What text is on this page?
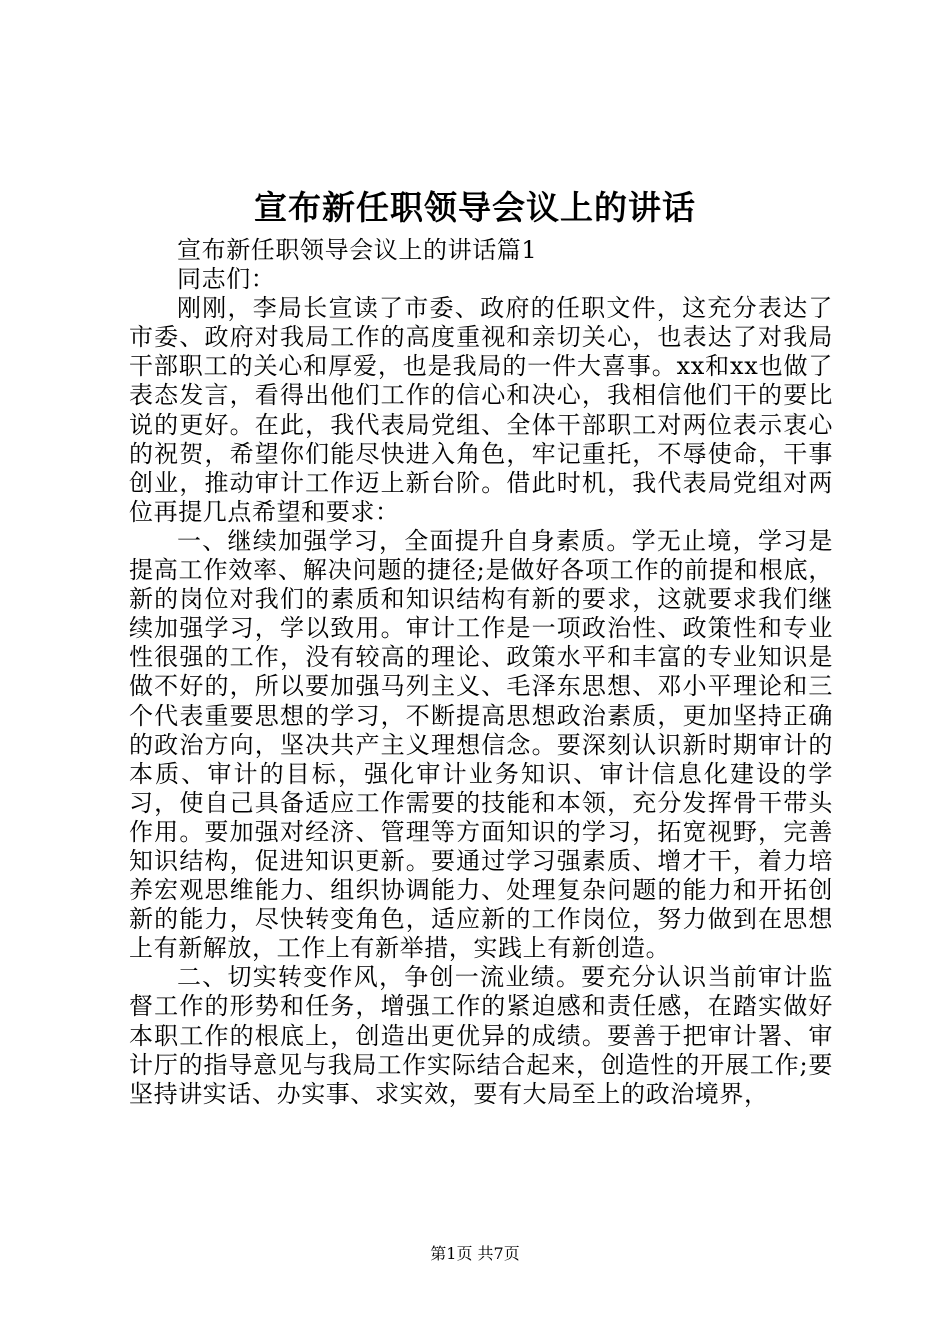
宣布新任职领导会议上的讲话

宣布新任职领导会议上的讲话篇1

同志们：

刚刚，李局长宣读了市委、政府的任职文件，这充分表达了市委、政府对我局工作的高度重视和亲切关心，也表达了对我局干部职工的关心和厚爱，也是我局的一件大喜事。xx和xx也做了表态发言，看得出他们工作的信心和决心，我相信他们干的要比说的更好。在此，我代表局党组、全体干部职工对两位表示衷心的祝贺，希望你们能尽快进入角色，牢记重托，不辱使命，干事创业，推动审计工作迈上新台阶。借此时机，我代表局党组对两位再提几点希望和要求：

一、继续加强学习，全面提升自身素质。学无止境，学习是提高工作效率、解决问题的捷径;是做好各项工作的前提和根底，新的岗位对我们的素质和知识结构有新的要求，这就要求我们继续加强学习，学以致用。审计工作是一项政治性、政策性和专业性很强的工作，没有较高的理论、政策水平和丰富的专业知识是做不好的，所以要加强马列主义、毛泽东思想、邓小平理论和三个代表重要思想的学习，不断提高思想政治素质，更加坚持正确的政治方向，坚决共产主义理想信念。要深刻认识新时期审计的本质、审计的目标，强化审计业务知识、审计信息化建设的学习，使自己具备适应工作需要的技能和本领，充分发挥骨干带头作用。要加强对经济、管理等方面知识的学习，拓宽视野，完善知识结构，促进知识更新。要通过学习强素质、增才干，着力培养宏观思维能力、组织协调能力、处理复杂问题的能力和开拓创新的能力，尽快转变角色，适应新的工作岗位，努力做到在思想上有新解放，工作上有新举措，实践上有新创造。

二、切实转变作风，争创一流业绩。要充分认识当前审计监督工作的形势和任务，增强工作的紧迫感和责任感，在踏实做好本职工作的根底上，创造出更优异的成绩。要善于把审计署、审计厅的指导意见与我局工作实际结合起来，创造性的开展工作;要坚持讲实话、办实事、求实效，要有大局至上的政治境界，

第1页 共7页
